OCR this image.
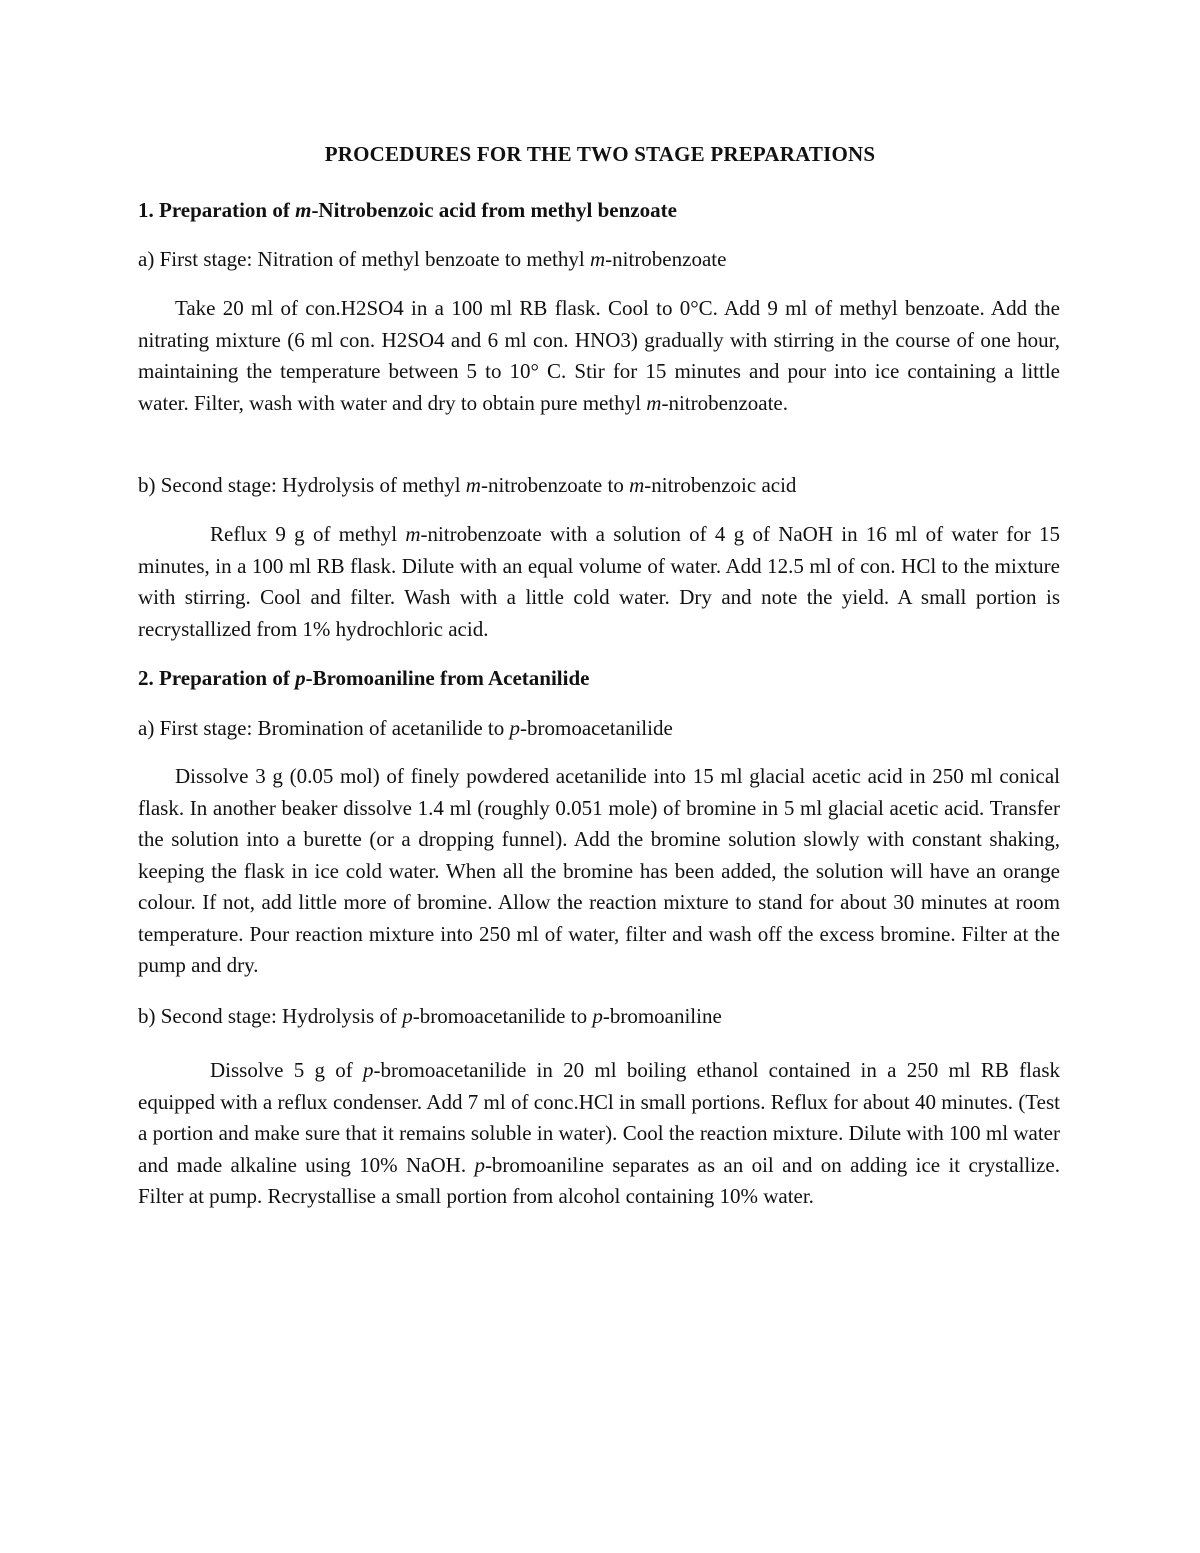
PROCEDURES FOR THE TWO STAGE PREPARATIONS
1. Preparation of m-Nitrobenzoic acid from methyl benzoate
a) First stage: Nitration of methyl benzoate to methyl m-nitrobenzoate
Take 20 ml of con.H2SO4 in a 100 ml RB flask. Cool to 0°C. Add 9 ml of methyl benzoate. Add the nitrating mixture (6 ml con. H2SO4 and 6 ml con. HNO3) gradually with stirring in the course of one hour, maintaining the temperature between 5 to 10° C. Stir for 15 minutes and pour into ice containing a little water. Filter, wash with water and dry to obtain pure methyl m-nitrobenzoate.
b) Second stage: Hydrolysis of methyl m-nitrobenzoate to m-nitrobenzoic acid
Reflux 9 g of methyl m-nitrobenzoate with a solution of 4 g of NaOH in 16 ml of water for 15 minutes, in a 100 ml RB flask. Dilute with an equal volume of water. Add 12.5 ml of con. HCl to the mixture with stirring. Cool and filter. Wash with a little cold water. Dry and note the yield. A small portion is recrystallized from 1% hydrochloric acid.
2. Preparation of p-Bromoaniline from Acetanilide
a) First stage: Bromination of acetanilide to p-bromoacetanilide
Dissolve 3 g (0.05 mol) of finely powdered acetanilide into 15 ml glacial acetic acid in 250 ml conical flask. In another beaker dissolve 1.4 ml (roughly 0.051 mole) of bromine in 5 ml glacial acetic acid. Transfer the solution into a burette (or a dropping funnel). Add the bromine solution slowly with constant shaking, keeping the flask in ice cold water. When all the bromine has been added, the solution will have an orange colour. If not, add little more of bromine. Allow the reaction mixture to stand for about 30 minutes at room temperature. Pour reaction mixture into 250 ml of water, filter and wash off the excess bromine. Filter at the pump and dry.
b) Second stage: Hydrolysis of p-bromoacetanilide to p-bromoaniline
Dissolve 5 g of p-bromoacetanilide in 20 ml boiling ethanol contained in a 250 ml RB flask equipped with a reflux condenser. Add 7 ml of conc.HCl in small portions. Reflux for about 40 minutes. (Test a portion and make sure that it remains soluble in water). Cool the reaction mixture. Dilute with 100 ml water and made alkaline using 10% NaOH. p-bromoaniline separates as an oil and on adding ice it crystallize. Filter at pump. Recrystallise a small portion from alcohol containing 10% water.
